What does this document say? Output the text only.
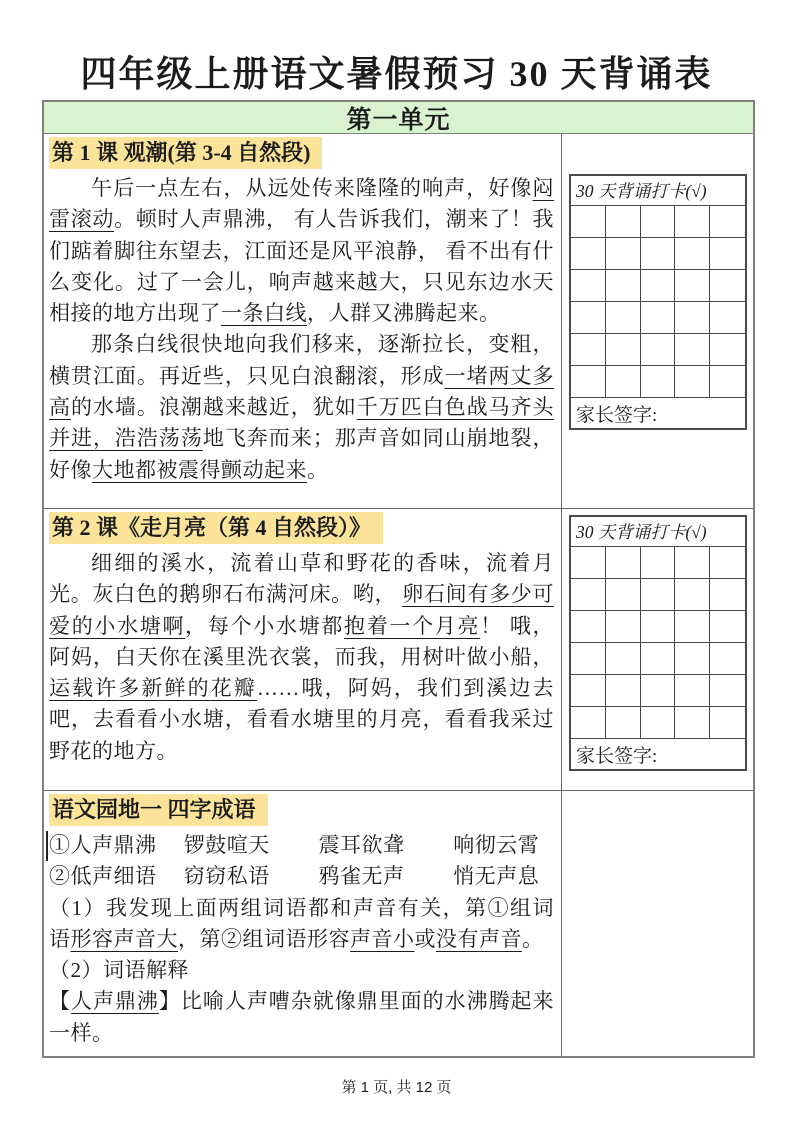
四年级上册语文暑假预习 30 天背诵表
第一单元
第 1 课 观潮(第 3-4 自然段)

午后一点左右，从远处传来隆隆的响声，好像闷雷滚动。顿时人声鼎沸， 有人告诉我们，潮来了！我们踮着脚往东望去，江面还是风平浪静， 看不出有什么变化。过了一会儿，响声越来越大，只见东边水天相接的地方出现了一条白线，人群又沸腾起来。

那条白线很快地向我们移来，逐渐拉长，变粗，横贯江面。再近些，只见白浪翻滚，形成一堵两丈多高的水墙。浪潮越来越近，犹如千万匹白色战马齐头并进，浩浩荡荡地飞奔而来；那声音如同山崩地裂，好像大地都被震得颤动起来。

30 天背诵打卡(√)
家长签字:
第 2 课《走月亮（第 4 自然段）》

细细的溪水，流着山草和野花的香味，流着月光。灰白色的鹅卵石布满河床。哟， 卵石间有多少可爱的小水塘啊，每个小水塘都抱着一个月亮！ 哦， 阿妈，白天你在溪里洗衣裳，而我，用树叶做小船，运载许多新鲜的花瓣……哦，阿妈，我们到溪边去吧，去看看小水塘，看看水塘里的月亮，看看我采过野花的地方。

30 天背诵打卡(√)
家长签字:
语文园地一 四字成语

①人声鼎沸　 锣鼓喧天　　 震耳欲聋　　 响彻云霄

②低声细语　 窃窃私语　　 鸦雀无声　　 悄无声息

（1）我发现上面两组词语都和声音有关，第①组词语形容声音大，第②组词语形容声音小或没有声音。

（2）词语解释

【人声鼎沸】比喻人声嘈杂就像鼎里面的水沸腾起来一样。

第 1 页, 共 12 页
